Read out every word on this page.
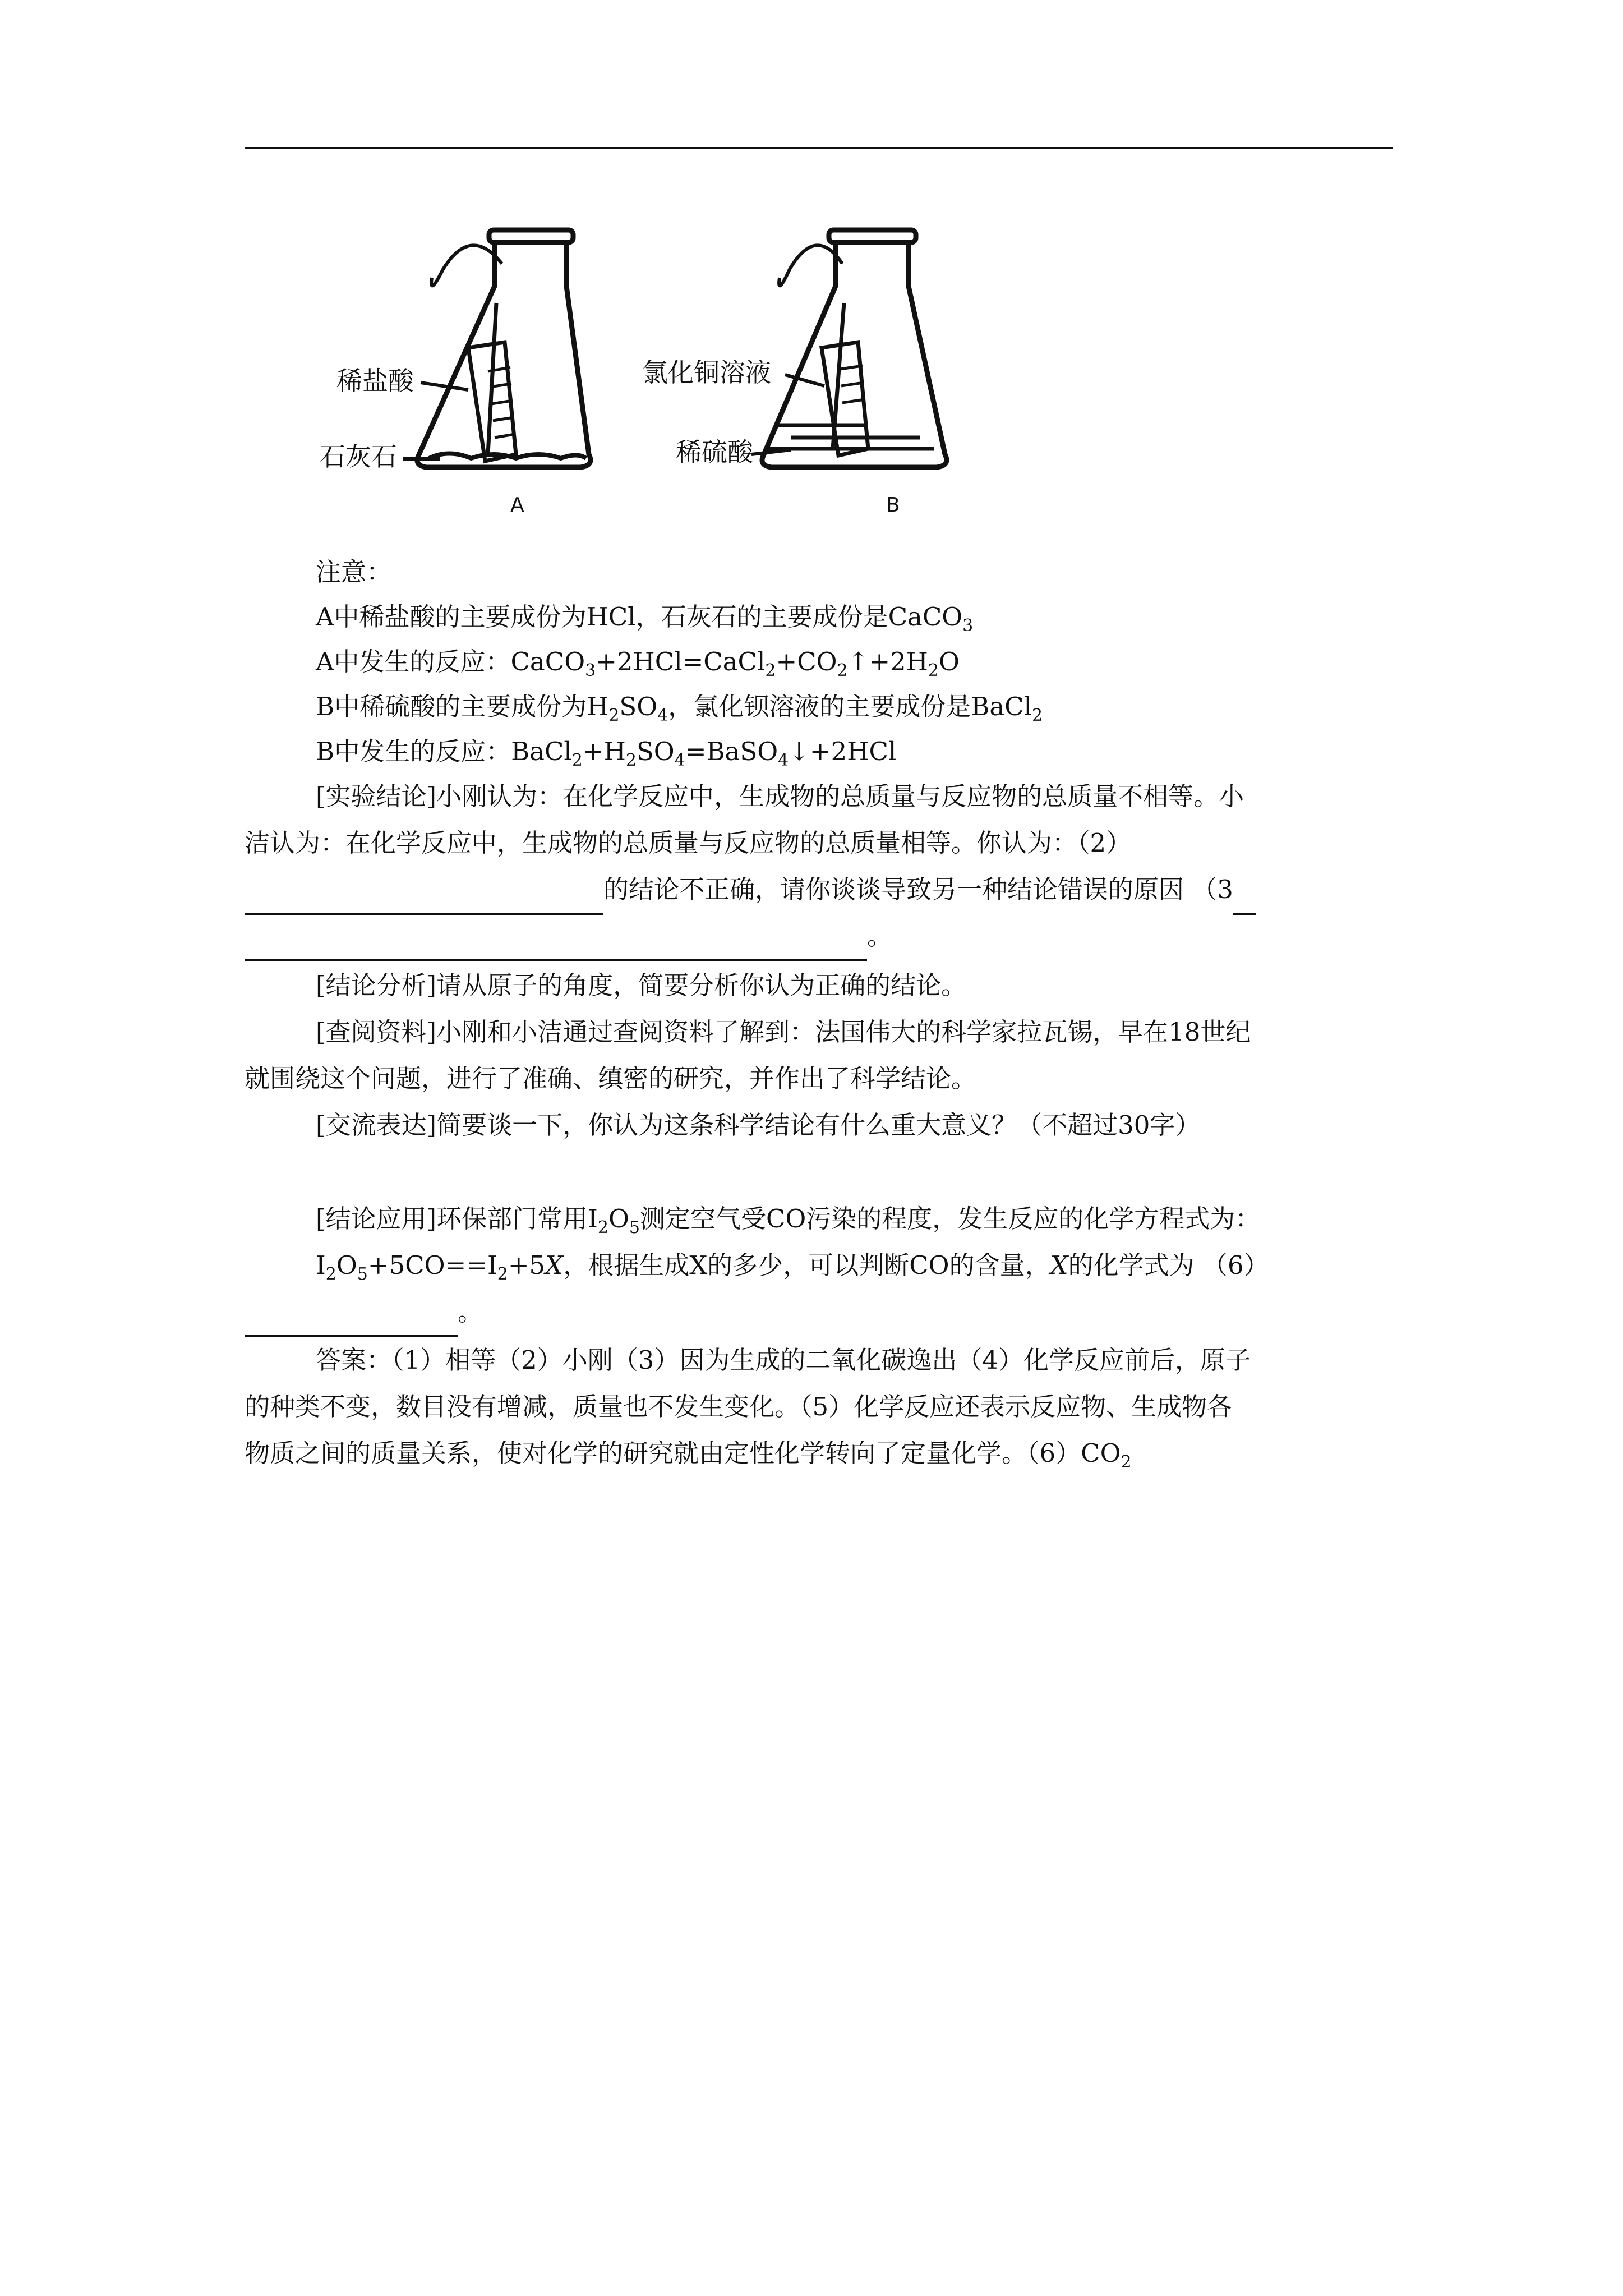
稀盐酸
石灰石
A
氯化铜溶液
稀硫酸
B
注意：
A中稀盐酸的主要成份为HCl，石灰石的主要成份是CaCO$_3$
A中发生的反应：$CaCO_3+2HCl=CaCl_2+CO_2↑+2H_2O$
B中稀硫酸的主要成份为$H_2SO_4$，氯化钡溶液的主要成份是BaCl$_2$
B中发生的反应：$BaCl_2+H_2SO_4=BaSO_4↓+2HCl$
[实验结论]小刚认为：在化学反应中，生成物的总质量与反应物的总质量不相等。小
洁认为：在化学反应中，生成物的总质量与反应物的总质量相等。你认为：（2）
的结论不正确，请你谈谈导致另一种结论错误的原因 （3
。
[结论分析]请从原子的角度，简要分析你认为正确的结论。
[查阅资料]小刚和小洁通过查阅资料了解到：法国伟大的科学家拉瓦锡，早在18世纪
就围绕这个问题，进行了准确、缜密的研究，并作出了科学结论。
[交流表达]简要谈一下，你认为这条科学结论有什么重大意义？（不超过30字）
[结论应用]环保部门常用$I_2O_5$测定空气受CO污染的程度，发生反应的化学方程式为：
$I_2O_5+5CO==I_2+5X$，根据生成X的多少，可以判断CO的含量，X的化学式为 （6）
。
答案：（1）相等（2）小刚（3）因为生成的二氧化碳逸出（4）化学反应前后，原子
的种类不变，数目没有增减，质量也不发生变化。（5）化学反应还表示反应物、生成物各
物质之间的质量关系，使对化学的研究就由定性化学转向了定量化学。$(6)CO_2$
